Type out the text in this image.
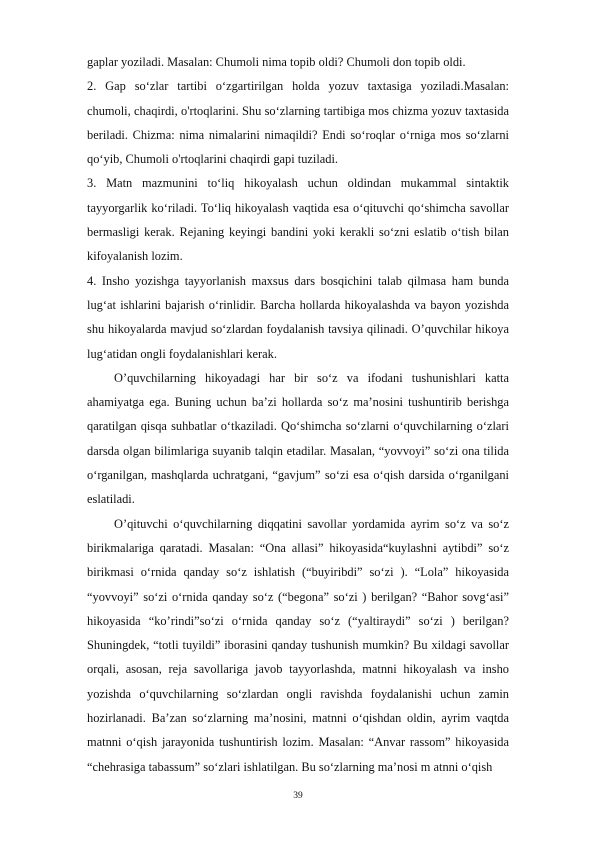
gaplar yoziladi. Masalan: Chumoli nima topib oldi? Chumoli don topib oldi.

2. Gap so‘zlar tartibi o‘zgartirilgan holda yozuv taxtasiga yoziladi.Masalan: chumoli, chaqirdi, o'rtoqlarini. Shu so‘zlarning tartibiga mos chizma yozuv taxtasida beriladi. Chizma: nima nimalarini nimaqildi? Endi so‘roqlar o‘rniga mos so‘zlarni qo‘yib, Chumoli o'rtoqlarini chaqirdi gapi tuziladi.

3. Matn mazmunini to‘liq hikoyalash uchun oldindan mukammal sintaktik tayyorgarlik ko‘riladi. To‘liq hikoyalash vaqtida esa o‘qituvchi qo‘shimcha savollar bermasligi kerak. Rejaning keyingi bandini yoki kerakli so‘zni eslatib o‘tish bilan kifoyalanish lozim.

4. Insho yozishga tayyorlanish maxsus dars bosqichini talab qilmasa ham bunda lug‘at ishlarini bajarish o‘rinlidir. Barcha hollarda hikoyalashda va bayon yozishda shu hikoyalarda mavjud so‘zlardan foydalanish tavsiya qilinadi. O’quvchilar hikoya lug‘atidan ongli foydalanishlari kerak.

O’quvchilarning hikoyadagi har bir so‘z va ifodani tushunishlari katta ahamiyatga ega. Buning uchun ba’zi hollarda so‘z ma’nosini tushuntirib berishga qaratilgan qisqa suhbatlar o‘tkaziladi. Qo‘shimcha so‘zlarni o‘quvchilarning o‘zlari darsda olgan bilimlariga suyanib talqin etadilar. Masalan, “yovvoyi” so‘zi ona tilida o‘rganilgan, mashqlarda uchratgani, “gavjum” so‘zi esa o‘qish darsida o‘rganilgani eslatiladi.

O’qituvchi o‘quvchilarning diqqatini savollar yordamida ayrim so‘z va so‘z birikmalariga qaratadi. Masalan: “Ona allasi” hikoyasida“kuylashni aytibdi” so‘z birikmasi o‘rnida qanday so‘z ishlatish (“buyiribdi” so‘zi ). “Lola” hikoyasida “yovvoyi” so‘zi o‘rnida qanday so‘z (“begona” so‘zi ) berilgan? “Bahor sovg‘asi” hikoyasida “ko’rindi”so‘zi o‘rnida qanday so‘z (“yaltiraydi” so‘zi ) berilgan? Shuningdek, “totli tuyildi” iborasini qanday tushunish mumkin? Bu xildagi savollar orqali, asosan, reja savollariga javob tayyorlashda, matnni hikoyalash va insho yozishda o‘quvchilarning so‘zlardan ongli ravishda foydalanishi uchun zamin hozirlanadi. Ba’zan so‘zlarning ma’nosini, matnni o‘qishdan oldin, ayrim vaqtda matnni o‘qish jarayonida tushuntirish lozim. Masalan: “Anvar rassom” hikoyasida “chehrasiga tabassum” so‘zlari ishlatilgan. Bu so‘zlarning ma’nosi m atnni o‘qish

39
